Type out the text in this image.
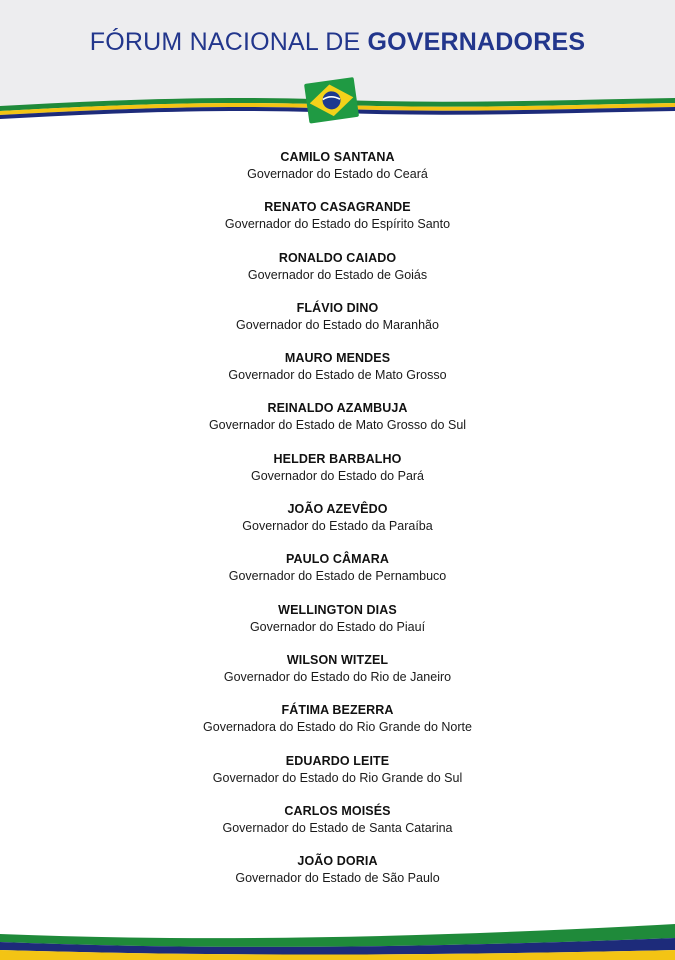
FÓRUM NACIONAL DE GOVERNADORES
CAMILO SANTANA
Governador do Estado do Ceará
RENATO CASAGRANDE
Governador do Estado do Espírito Santo
RONALDO CAIADO
Governador do Estado de Goiás
FLÁVIO DINO
Governador do Estado do Maranhão
MAURO MENDES
Governador do Estado de Mato Grosso
REINALDO AZAMBUJA
Governador do Estado de Mato Grosso do Sul
HELDER BARBALHO
Governador do Estado do Pará
JOÃO AZEVÊDO
Governador do Estado da Paraíba
PAULO CÂMARA
Governador do Estado de Pernambuco
WELLINGTON DIAS
Governador do Estado do Piauí
WILSON WITZEL
Governador do Estado do Rio de Janeiro
FÁTIMA BEZERRA
Governadora do Estado do Rio Grande do Norte
EDUARDO LEITE
Governador do Estado do Rio Grande do Sul
CARLOS MOISÉS
Governador do Estado de Santa Catarina
JOÃO DORIA
Governador do Estado de São Paulo
